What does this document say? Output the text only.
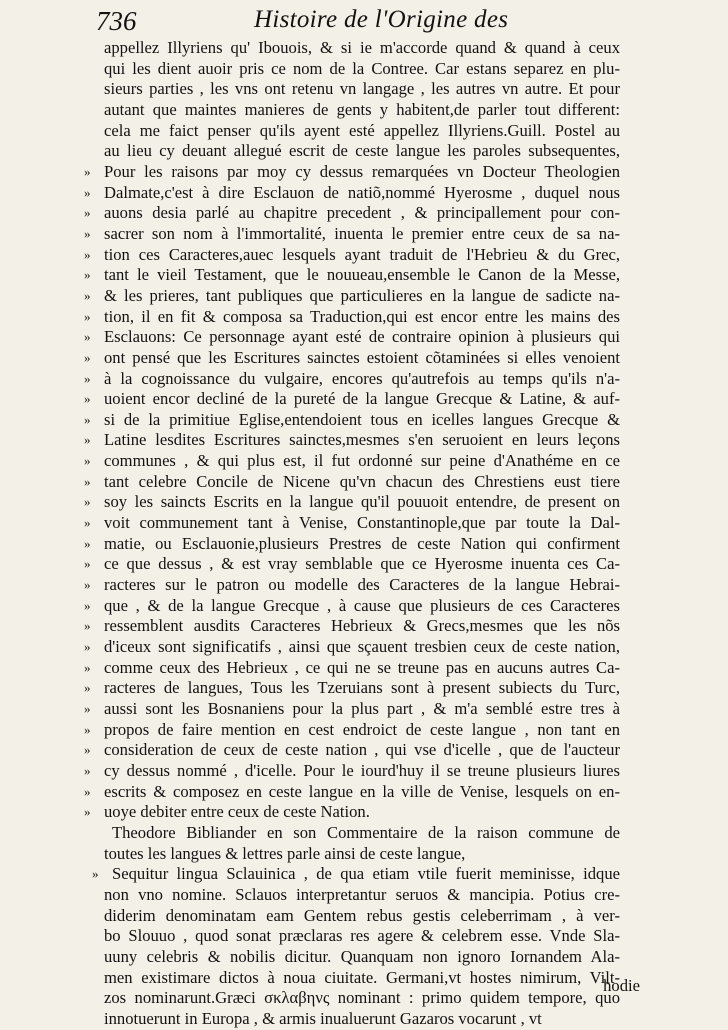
736	Histoire de l'Origine des
appellez Illyriens qu' Ibouois, & si ie m'accorde quand & quand à ceux
qui les dient auoir pris ce nom de la Contree. Car estans separez en plu-
sieurs parties , les vns ont retenu vn langage , les autres vn autre. Et pour
autant que maintes manieres de gents y habitent,de parler tout different:
cela me faict penser qu'ils ayent esté appellez Illyriens.Guill. Postel au
au lieu cy deuant allegué escrit de ceste langue les paroles subsequentes,
» Pour les raisons par moy cy dessus remarquées vn Docteur Theologien
» Dalmate,c'est à dire Esclauon de natiõ,nommé Hyerosme , duquel nous
» auons desia parlé au chapitre precedent , & principallement pour con-
» sacrer son nom à l'immortalité, inuenta le premier entre ceux de sa na-
» tion ces Caracteres,auec lesquels ayant traduit de l'Hebrieu & du Grec,
» tant le vieil Testament, que le nouueau,ensemble le Canon de la Messe,
» & les prieres, tant publiques que particulieres en la langue de sadicte na-
» tion, il en fit & composa sa Traduction,qui est encor entre les mains des
» Esclauons: Ce personnage ayant esté de contraire opinion à plusieurs qui
» ont pensé que les Escritures sainctes estoient cõtaminées si elles venoient
» à la cognoissance du vulgaire, encores qu'autrefois au temps qu'ils n'a-
» uoient encor decliné de la pureté de la langue Grecque & Latine, & auf-
» si de la primitiue Eglise,entendoient tous en icelles langues Grecque &
» Latine lesdites Escritures sainctes,mesmes s'en seruoient en leurs leçons
» communes , & qui plus est, il fut ordonné sur peine d'Anathéme en ce
» tant celebre Concile de Nicene qu'vn chacun des Chrestiens eust tiere
» soy les saincts Escrits en la langue qu'il pouuoit entendre, de present on
» voit communement tant à Venise, Constantinople,que par toute la Dal-
» matie, ou Esclauonie,plusieurs Prestres de ceste Nation qui confirment
» ce que dessus , & est vray semblable que ce Hyerosme inuenta ces Ca-
» racteres sur le patron ou modelle des Caracteres de la langue Hebrai-
» que , & de la langue Grecque , à cause que plusieurs de ces Caracteres
» ressemblent ausdits Caracteres Hebrieux & Grecs,mesmes que les nõs
» d'iceux sont significatifs , ainsi que sçauent tresbien ceux de ceste nation,
» comme ceux des Hebrieux , ce qui ne se treune pas en aucuns autres Ca-
» racteres de langues, Tous les Tzeruians sont à present subiects du Turc,
» aussi sont les Bosnaniens pour la plus part , & m'a semblé estre tres à
» propos de faire mention en cest endroict de ceste langue , non tant en
» consideration de ceux de ceste nation , qui vse d'icelle , que de l'aucteur
» cy dessus nommé , d'icelle. Pour le iourd'huy il se treune plusieurs liures
» escrits & composez en ceste langue en la ville de Venise, lesquels on en-
» uoye debiter entre ceux de ceste Nation.
Theodore Bibliander en son Commentaire de la raison commune de
toutes les langues & lettres parle ainsi de ceste langue,
» Sequitur lingua Sclauinica , de qua etiam vtile fuerit meminisse, idque
non vno nomine. Sclauos interpretantur seruos & mancipia. Potius cre-
diderim denominatam eam Gentem rebus gestis celeberrimam , à ver-
bo Slouuo , quod sonat præclaras res agere & celebrem esse. Vnde Sla-
uuny celebris & nobilis dicitur. Quanquam non ignoro Iornandem Ala-
men existimare dictos à noua ciuitate. Germani,vt hostes nimirum, Vilt-
zos nominarunt.Græci σκλαβηνς nominant : primo quidem tempore, quo
innotuerunt in Europa , & armis inualuerunt Gazaros vocarunt , vt
hodie
